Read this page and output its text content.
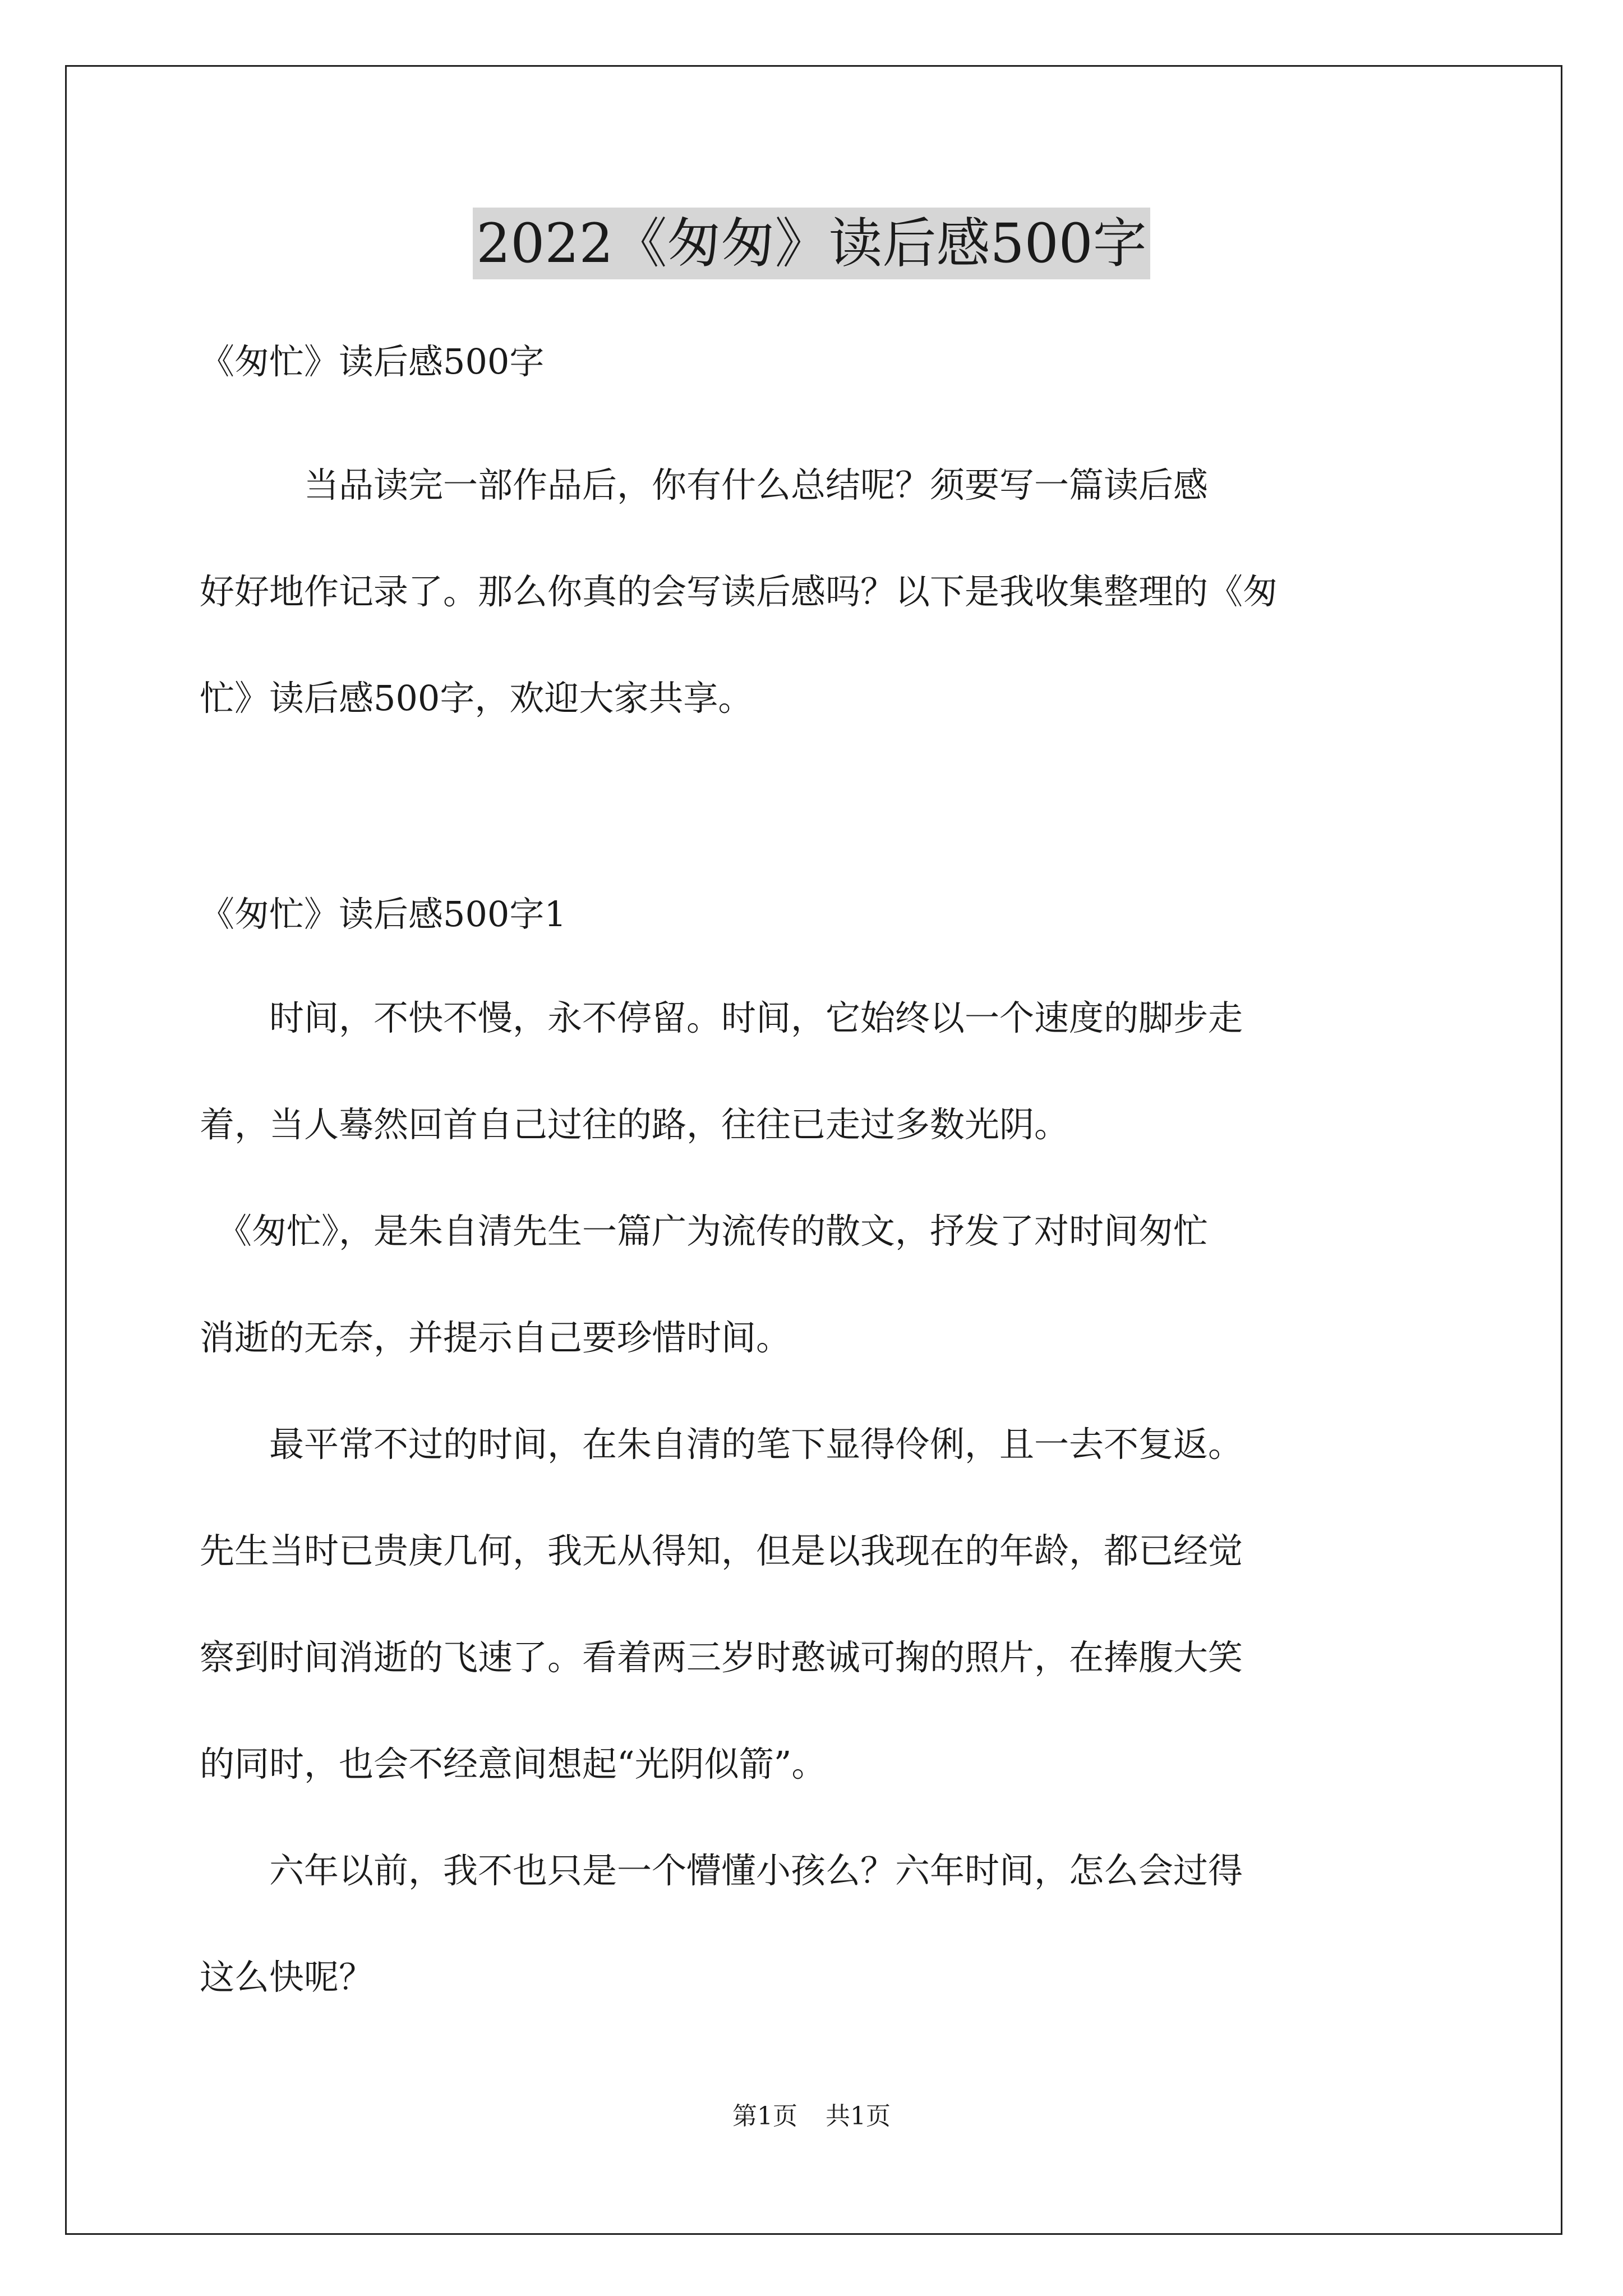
2022《匆匆》读后感500字
《匆忙》读后感500字
　　　当品读完一部作品后，你有什么总结呢？须要写一篇读后感
好好地作记录了。那么你真的会写读后感吗？以下是我收集整理的《匆
忙》读后感500字，欢迎大家共享。
《匆忙》读后感500字1
　　时间，不快不慢，永不停留。时间，它始终以一个速度的脚步走
着，当人蓦然回首自己过往的路，往往已走过多数光阴。
　《匆忙》，是朱自清先生一篇广为流传的散文，抒发了对时间匆忙
消逝的无奈，并提示自己要珍惜时间。
　　最平常不过的时间，在朱自清的笔下显得伶俐，且一去不复返。
先生当时已贵庚几何，我无从得知，但是以我现在的年龄，都已经觉
察到时间消逝的飞速了。看着两三岁时憨诚可掬的照片，在捧腹大笑
的同时，也会不经意间想起“光阴似箭”。
　　六年以前，我不也只是一个懵懂小孩么？六年时间，怎么会过得
这么快呢？
第1页 共1页
